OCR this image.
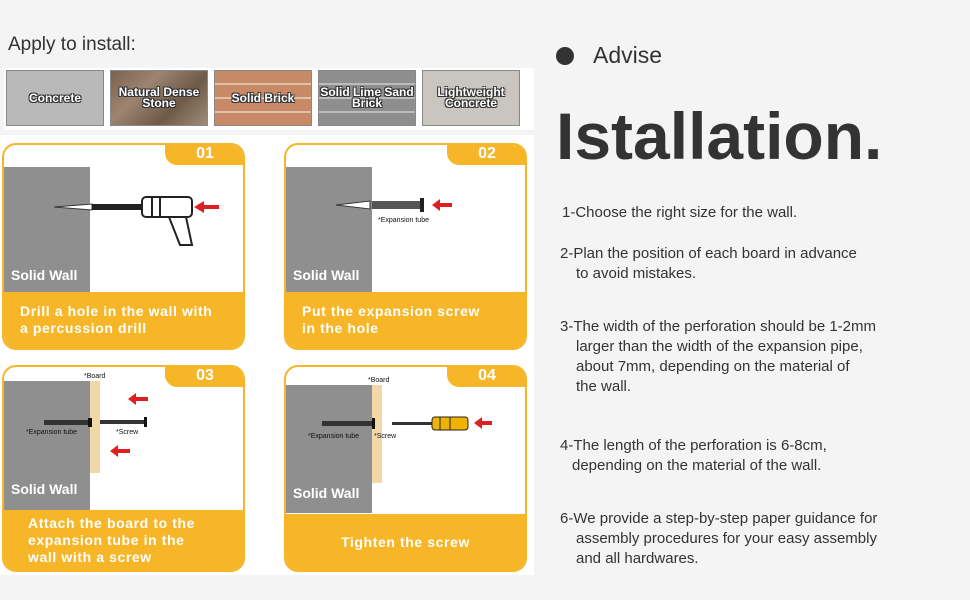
Apply to install:
Concrete	Natural Dense Stone	Solid Brick Solid Lime Sand Brick
Lightweight Concrete
01
Solid Wall
Drill a hole in the wall with
a percussion drill
02
Solid Wall
*Expansion tube
Put the expansion screw
in the hole
03
Solid Wall
*Board
*Expansion tube	*Screw
Attach the board to the
expansion tube in the
wall with a screw
04
Solid Wall
*Board
*Expansion tube *Screw
Tighten the screw
Advise
Istallation.
1-Choose the right size for the wall.
2-Plan the position of each board in advance
to avoid mistakes.
3-The width of the perforation should be 1-2mm
larger than the width of the expansion pipe,
about 7mm, depending on the material of
the wall.
4-The length of the perforation is 6-8cm,
depending on the material of the wall.
6-We provide a step-by-step paper guidance for
assembly procedures for your easy assembly
and all hardwares.
